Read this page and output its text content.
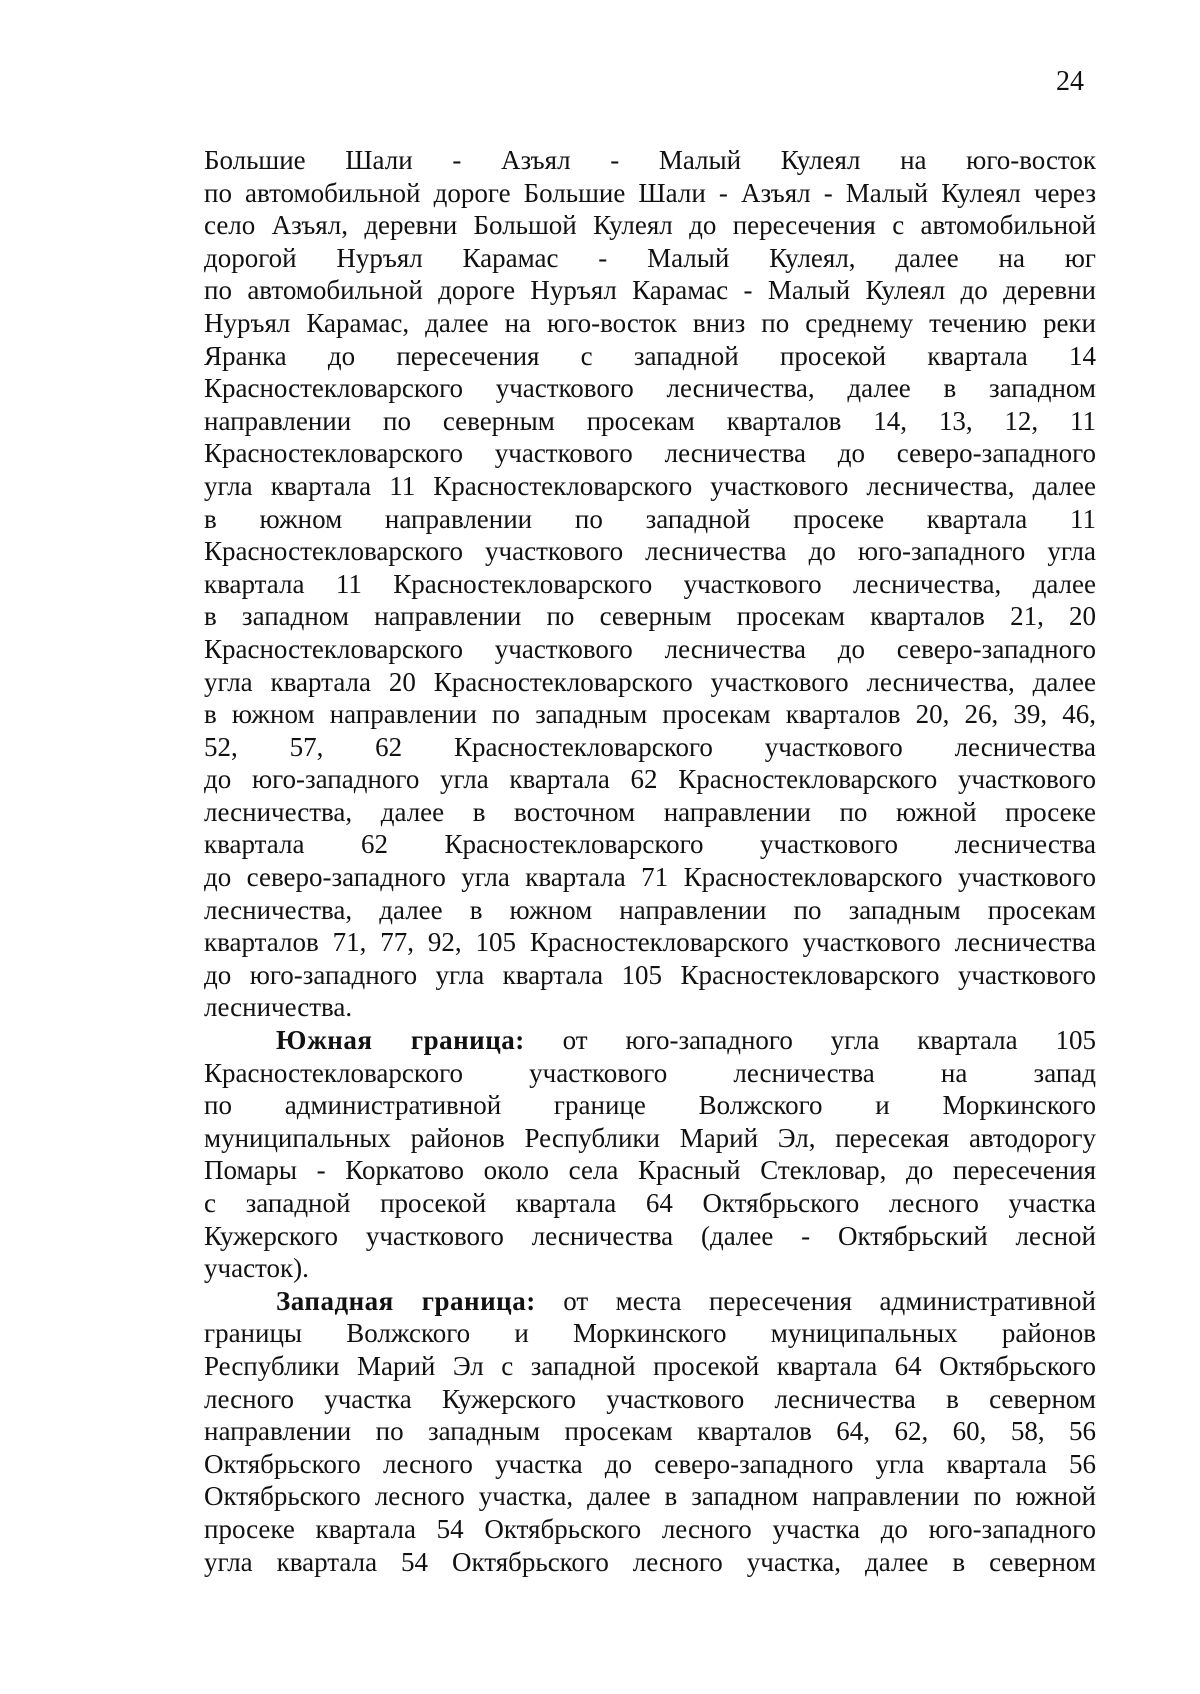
24
Большие Шали - Азъял - Малый Кулеял на юго-восток
по автомобильной дороге Большие Шали - Азъял - Малый Кулеял через
село Азъял, деревни Большой Кулеял до пересечения с автомобильной
дорогой Нуръял Карамас - Малый Кулеял, далее на юг
по автомобильной дороге Нуръял Карамас - Малый Кулеял до деревни
Нуръял Карамас, далее на юго-восток вниз по среднему течению реки
Яранка до пересечения с западной просекой квартала 14
Красностекловарского участкового лесничества, далее в западном
направлении по северным просекам кварталов 14, 13, 12, 11
Красностекловарского участкового лесничества до северо-западного
угла квартала 11 Красностекловарского участкового лесничества, далее
в южном направлении по западной просеке квартала 11
Красностекловарского участкового лесничества до юго-западного угла
квартала 11 Красностекловарского участкового лесничества, далее
в западном направлении по северным просекам кварталов 21, 20
Красностекловарского участкового лесничества до северо-западного
угла квартала 20 Красностекловарского участкового лесничества, далее
в южном направлении по западным просекам кварталов 20, 26, 39, 46,
52, 57, 62 Красностекловарского участкового лесничества
до юго-западного угла квартала 62 Красностекловарского участкового
лесничества, далее в восточном направлении по южной просеке
квартала 62 Красностекловарского участкового лесничества
до северо-западного угла квартала 71 Красностекловарского участкового
лесничества, далее в южном направлении по западным просекам
кварталов 71, 77, 92, 105 Красностекловарского участкового лесничества
до юго-западного угла квартала 105 Красностекловарского участкового
лесничества.
Южная граница: от юго-западного угла квартала 105
Красностекловарского участкового лесничества на запад
по административной границе Волжского и Моркинского
муниципальных районов Республики Марий Эл, пересекая автодорогу
Помары - Коркатово около села Красный Стекловар, до пересечения
с западной просекой квартала 64 Октябрьского лесного участка
Кужерского участкового лесничества (далее - Октябрьский лесной
участок).
Западная граница: от места пересечения административной
границы Волжского и Моркинского муниципальных районов
Республики Марий Эл с западной просекой квартала 64 Октябрьского
лесного участка Кужерского участкового лесничества в северном
направлении по западным просекам кварталов 64, 62, 60, 58, 56
Октябрьского лесного участка до северо-западного угла квартала 56
Октябрьского лесного участка, далее в западном направлении по южной
просеке квартала 54 Октябрьского лесного участка до юго-западного
угла квартала 54 Октябрьского лесного участка, далее в северном
